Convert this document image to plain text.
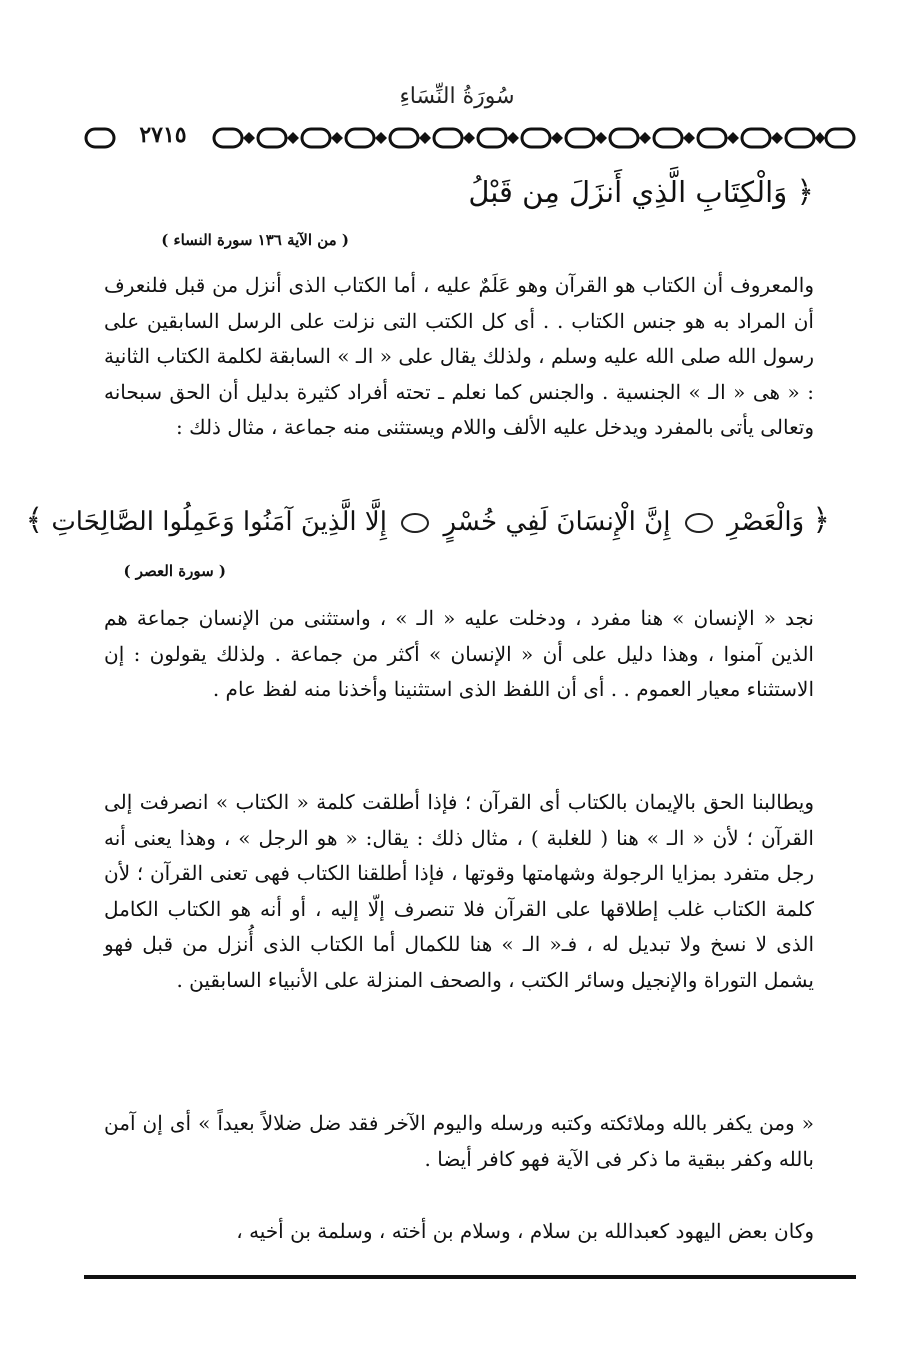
سُورَةُ النِّسَاءِ
٢٧١٥
﴿ وَالْكِتَابِ الَّذِي أَنزَلَ مِن قَبْلُ
( من الآية ١٣٦ سورة النساء )
والمعروف أن الكتاب هو القرآن وهو عَلَمٌ عليه ، أما الكتاب الذى أنزل من قبل فلنعرف أن المراد به هو جنس الكتاب . . أى كل الكتب التى نزلت على الرسل السابقين على رسول الله صلى الله عليه وسلم ، ولذلك يقال على « الـ » السابقة لكلمة الكتاب الثانية : « هى « الـ » الجنسية . والجنس كما نعلم ـ تحته أفراد كثيرة بدليل أن الحق سبحانه وتعالى يأتى بالمفرد ويدخل عليه الألف واللام ويستثنى منه جماعة ، مثال ذلك :
﴿ وَالْعَصْرِ  إِنَّ الْإِنسَانَ لَفِي خُسْرٍ  إِلَّا الَّذِينَ آمَنُوا وَعَمِلُوا الصَّالِحَاتِ ﴾
( سورة العصر )
نجد « الإنسان » هنا مفرد ، ودخلت عليه « الـ » ، واستثنى من الإنسان جماعة هم الذين آمنوا ، وهذا دليل على أن « الإنسان » أكثر من جماعة . ولذلك يقولون : إن الاستثناء معيار العموم . . أى أن اللفظ الذى استثنينا وأخذنا منه لفظ عام .
ويطالبنا الحق بالإيمان بالكتاب أى القرآن ؛ فإذا أطلقت كلمة « الكتاب » انصرفت إلى القرآن ؛ لأن « الـ » هنا ( للغلبة ) ، مثال ذلك : يقال: « هو الرجل » ، وهذا يعنى أنه رجل متفرد بمزايا الرجولة وشهامتها وقوتها ، فإذا أطلقنا الكتاب فهى تعنى القرآن ؛ لأن كلمة الكتاب غلب إطلاقها على القرآن فلا تنصرف إلّا إليه ، أو أنه هو الكتاب الكامل الذى لا نسخ ولا تبديل له ، فـ« الـ » هنا للكمال أما الكتاب الذى أُنزل من قبل فهو يشمل التوراة والإنجيل وسائر الكتب ، والصحف المنزلة على الأنبياء السابقين .
« ومن يكفر بالله وملائكته وكتبه ورسله واليوم الآخر فقد ضل ضلالاً بعيداً » أى إن آمن بالله وكفر ببقية ما ذكر فى الآية فهو كافر أيضا .
وكان بعض اليهود كعبدالله بن سلام ، وسلام بن أخته ، وسلمة بن أخيه ،
